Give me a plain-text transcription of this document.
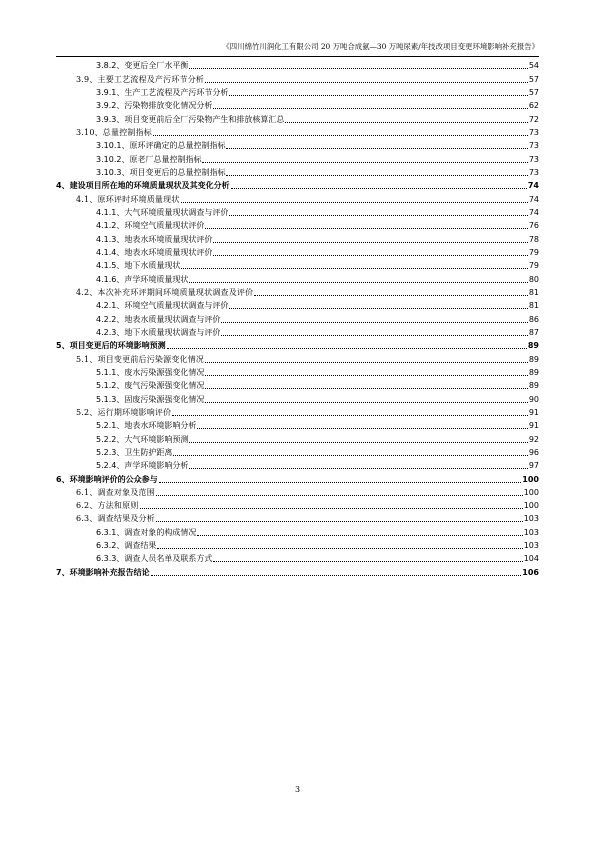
《四川绵竹川润化工有限公司 20 万吨合成氨—30 万吨尿素/年技改项目变更环境影响补充报告》
3.8.2、变更后全厂水平衡	54
3.9、主要工艺流程及产污环节分析	57
3.9.1、生产工艺流程及产污环节分析	57
3.9.2、污染物排放变化情况分析	62
3.9.3、项目变更前后全厂污染物产生和排放核算汇总	72
3.10、总量控制指标	73
3.10.1、原环评确定的总量控制指标	73
3.10.2、原老厂总量控制指标	73
3.10.3、项目变更后的总量控制指标	73
4、建设项目所在地的环境质量现状及其变化分析	74
4.1、原环评时环境质量现状	74
4.1.1、大气环境质量现状调查与评价	74
4.1.2、环境空气质量现状评价	76
4.1.3、地表水环境质量现状评价	78
4.1.4、地表水环境质量现状评价	79
4.1.5、地下水质量现状	79
4.1.6、声学环境质量现状	80
4.2、本次补充环评期间环境质量现状调查及评价	81
4.2.1、环境空气质量现状调查与评价	81
4.2.2、地表水质量现状调查与评价	86
4.2.3、地下水质量现状调查与评价	87
5、项目变更后的环境影响预测	89
5.1、项目变更前后污染源变化情况	89
5.1.1、废水污染源强变化情况	89
5.1.2、废气污染源强变化情况	89
5.1.3、固废污染源强变化情况	90
5.2、运行期环境影响评价	91
5.2.1、地表水环境影响分析	91
5.2.2、大气环境影响预测	92
5.2.3、卫生防护距离	96
5.2.4、声学环境影响分析	97
6、环境影响评价的公众参与	100
6.1、调查对象及范围	100
6.2、方法和原则	100
6.3、调查结果及分析	103
6.3.1、调查对象的构成情况	103
6.3.2、调查结果	103
6.3.3、调查人员名单及联系方式	104
7、环境影响补充报告结论	106
3
